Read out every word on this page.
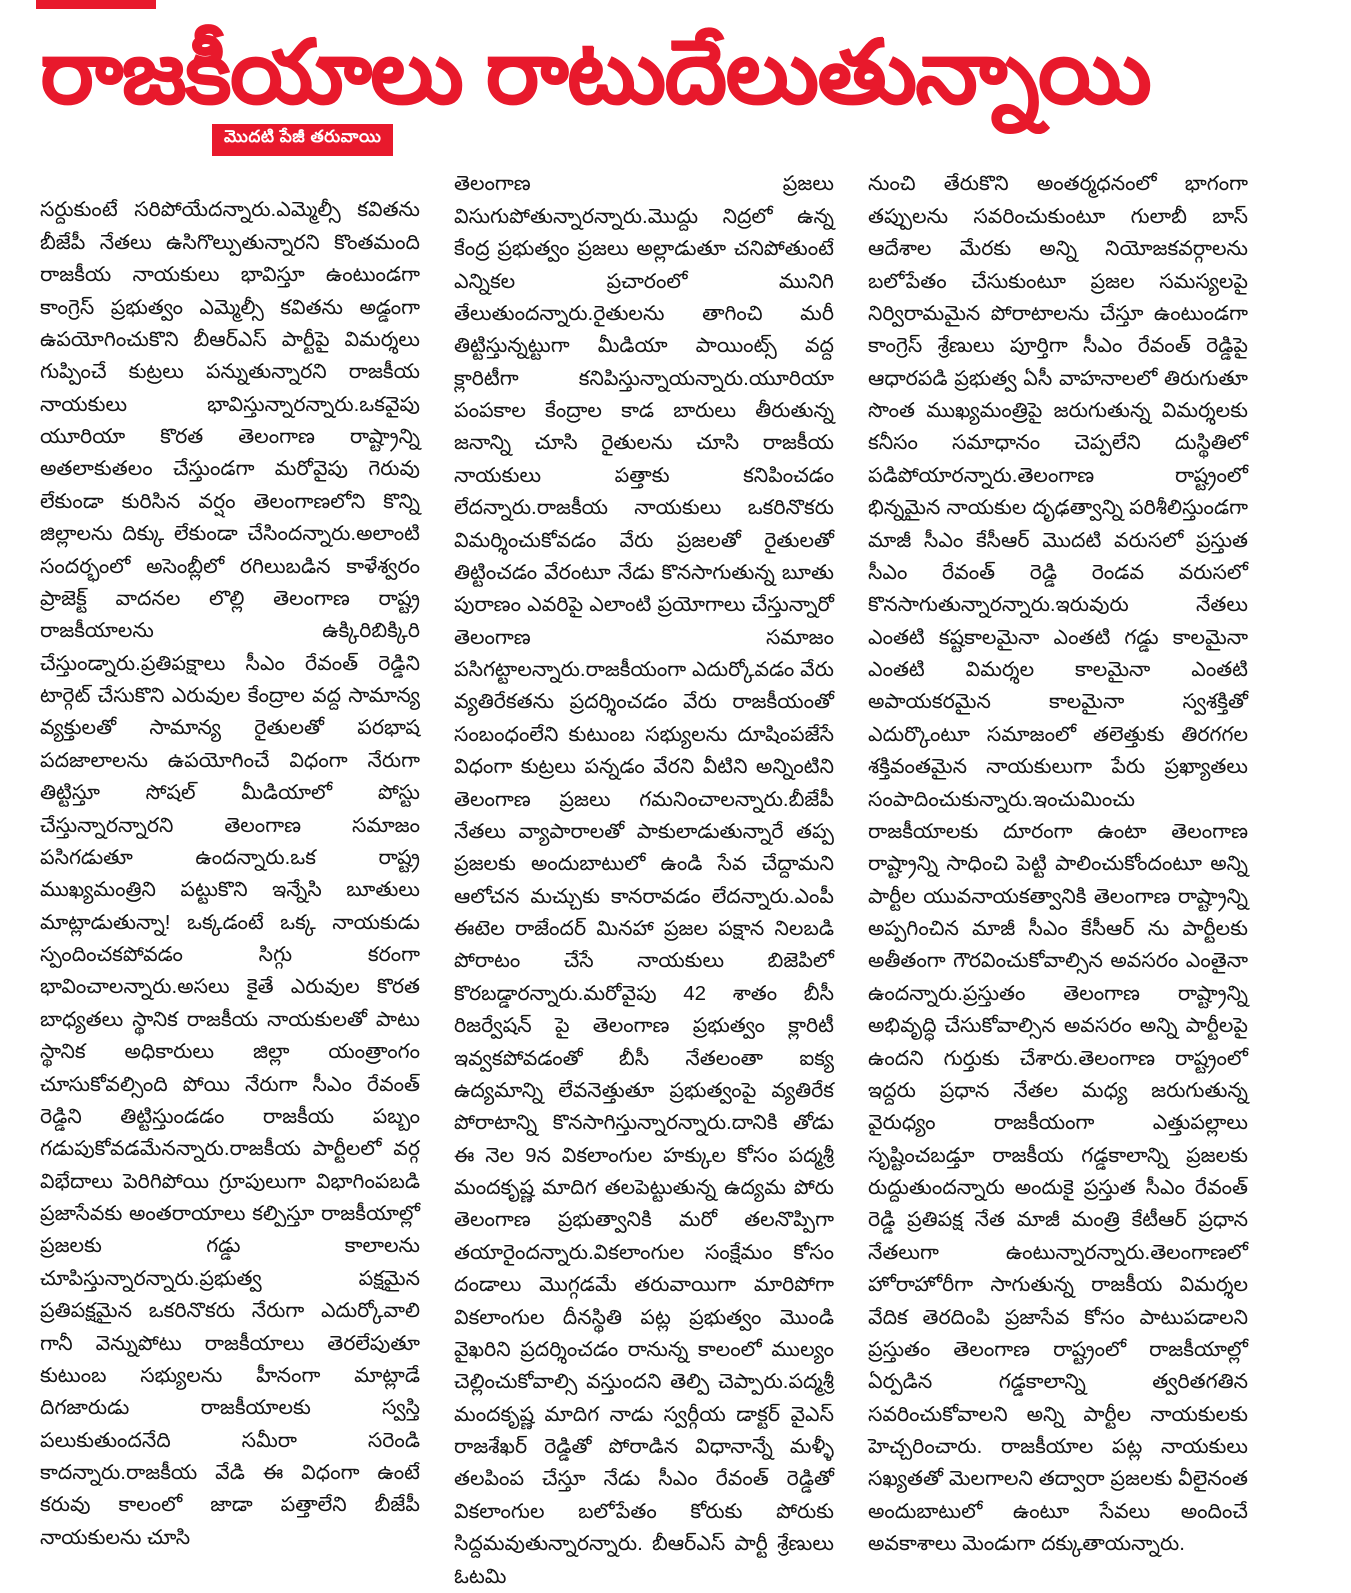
రాజకీయాలు రాటుదేలుతున్నాయి
మొదటి పేజీ తరువాయి

సర్దుకుంటే సరిపోయేదన్నారు.ఎమ్మెల్సీ కవితను బీజేపీ నేతలు ఉసిగొల్పుతున్నారని కొంతమంది రాజకీయ నాయకులు భావిస్తూ ఉంటుండగా కాంగ్రెస్ ప్రభుత్వం ఎమ్మెల్సీ కవితను అడ్డంగా ఉపయోగించుకొని బీఆర్ఎస్ పార్టీపై విమర్శలు గుప్పించే కుట్రలు పన్నుతున్నారని రాజకీయ నాయకులు భావిస్తున్నారన్నారు.ఒకవైపు యూరియా కొరత తెలంగాణ రాష్ట్రాన్ని అతలాకుతలం చేస్తుండగా మరోవైపు గెరువు లేకుండా కురిసిన వర్షం తెలంగాణలోని కొన్ని జిల్లాలను దిక్కు లేకుండా చేసిందన్నారు.అలాంటి సందర్భంలో అసెంబ్లీలో రగిలుబడిన కాళేశ్వరం ప్రాజెక్ట్ వాదనల లొల్లి తెలంగాణ రాష్ట్ర రాజకీయాలను ఉక్కిరిబిక్కిరి చేస్తుండ్నారు.ప్రతిపక్షాలు సీఎం రేవంత్ రెడ్డిని టార్గెట్ చేసుకొని ఎరువుల కేంద్రాల వద్ద సామాన్య వ్యక్తులతో సామాన్య రైతులతో పరభాష పదజాలాలను ఉపయోగించే విధంగా నేరుగా తిట్టిస్తూ సోషల్ మీడియాలో పోస్టు చేస్తున్నారన్నారని తెలంగాణ సమాజం పసిగడుతూ ఉందన్నారు.ఒక రాష్ట్ర ముఖ్యమంత్రిని పట్టుకొని ఇన్నేసి బూతులు మాట్లాడుతున్నా! ఒక్కడంటే ఒక్క నాయకుడు స్పందించకపోవడం సిగ్గు కరంగా భావించాలన్నారు.అసలు కైతే ఎరువుల కొరత బాధ్యతలు స్థానిక రాజకీయ నాయకులతో పాటు స్థానిక అధికారులు జిల్లా యంత్రాంగం చూసుకోవల్సింది పోయి నేరుగా సీఎం రేవంత్ రెడ్డిని తిట్టిస్తుండడం రాజకీయ పబ్బం గడుపుకోవడమేనన్నారు.రాజకీయ పార్టీలలో వర్గ విభేదాలు పెరిగిపోయి గ్రూపులుగా విభాగింపబడి ప్రజాసేవకు అంతరాయాలు కల్పిస్తూ రాజకీయాల్లో ప్రజలకు గడ్డు కాలాలను చూపిస్తున్నారన్నారు.ప్రభుత్వ పక్షమైన ప్రతిపక్షమైన ఒకరినొకరు నేరుగా ఎదుర్కోవాలి గానీ వెన్నుపోటు రాజకీయాలు తెరలేపుతూ కుటుంబ సభ్యులను హీనంగా మాట్లాడే దిగజారుడు రాజకీయాలకు స్వస్తి పలుకుతుందనేది సమీరా సరెండి కాదన్నారు.రాజకీయ వేడి ఈ విధంగా ఉంటే కరువు కాలంలో జాడా పత్తాలేని బీజేపీ నాయకులను చూసి

తెలంగాణ ప్రజలు విసుగుపోతున్నారన్నారు.మొద్దు నిద్రలో ఉన్న కేంద్ర ప్రభుత్వం ప్రజలు అల్లాడుతూ చనిపోతుంటే ఎన్నికల ప్రచారంలో మునిగి తేలుతుందన్నారు.రైతులను తాగించి మరీ తిట్టిస్తున్నట్టుగా మీడియా పాయింట్స్ వద్ద క్లారిటీగా కనిపిస్తున్నాయన్నారు.యూరియా పంపకాల కేంద్రాల కాడ బారులు తీరుతున్న జనాన్ని చూసి రైతులను చూసి రాజకీయ నాయకులు పత్తాకు కనిపించడం లేదన్నారు.రాజకీయ నాయకులు ఒకరినొకరు విమర్శించుకోవడం వేరు ప్రజలతో రైతులతో తిట్టించడం వేరంటూ నేడు కొనసాగుతున్న బూతు పురాణం ఎవరిపై ఎలాంటి ప్రయోగాలు చేస్తున్నారో తెలంగాణ సమాజం పసిగట్టాలన్నారు.రాజకీయంగా ఎదుర్కోవడం వేరు వ్యతిరేకతను ప్రదర్శించడం వేరు రాజకీయంతో సంబంధంలేని కుటుంబ సభ్యులను దూషింపజేసే విధంగా కుట్రలు పన్నడం వేరని వీటిని అన్నింటిని తెలంగాణ ప్రజలు గమనించాలన్నారు.బీజేపీ నేతలు వ్యాపారాలతో పాకులాడుతున్నారే తప్ప ప్రజలకు అందుబాటులో ఉండి సేవ చేద్దామని ఆలోచన మచ్చుకు కానరావడం లేదన్నారు.ఎంపీ ఈటెల రాజేందర్ మినహా ప్రజల పక్షాన నిలబడి పోరాటం చేసే నాయకులు బిజెపిలో కొరబడ్డారన్నారు.మరోవైపు 42 శాతం బీసీ రిజర్వేషన్ పై తెలంగాణ ప్రభుత్వం క్లారిటీ ఇవ్వకపోవడంతో బీసీ నేతలంతా ఐక్య ఉద్యమాన్ని లేవనెత్తుతూ ప్రభుత్వంపై వ్యతిరేక పోరాటాన్ని కొనసాగిస్తున్నారన్నారు.దానికి తోడు ఈ నెల 9న వికలాంగుల హక్కుల కోసం పద్మశ్రీ మందకృష్ణ మాదిగ తలపెట్టుతున్న ఉద్యమ పోరు తెలంగాణ ప్రభుత్వానికి మరో తలనొప్పిగా తయారైందన్నారు.వికలాంగుల సంక్షేమం కోసం దండాలు మొగ్గడమే తరువాయిగా మారిపోగా వికలాంగుల దీనస్థితి పట్ల ప్రభుత్వం మొండి వైఖరిని ప్రదర్శించడం రానున్న కాలంలో ముల్యం చెల్లించుకోవాల్సి వస్తుందని తెల్పి చెప్పారు.పద్మశ్రీ మందకృష్ణ మాదిగ నాడు స్వర్గీయ డాక్టర్ వైఎస్ రాజశేఖర్ రెడ్డితో పోరాడిన విధానాన్నే మళ్ళీ తలపింప చేస్తూ నేడు సీఎం రేవంత్ రెడ్డితో వికలాంగుల బలోపేతం కోరుకు పోరుకు సిద్దమవుతున్నారన్నారు. బీఆర్ఎస్ పార్టీ శ్రేణులు ఓటమి

నుంచి తేరుకొని అంతర్మధనంలో భాగంగా తప్పులను సవరించుకుంటూ గులాబీ బాస్ ఆదేశాల మేరకు అన్ని నియోజకవర్గాలను బలోపేతం చేసుకుంటూ ప్రజల సమస్యలపై నిర్విరామమైన పోరాటాలను చేస్తూ ఉంటుండగా కాంగ్రెస్ శ్రేణులు పూర్తిగా సీఎం రేవంత్ రెడ్డిపై ఆధారపడి ప్రభుత్వ ఏసీ వాహనాలలో తిరుగుతూ సొంత ముఖ్యమంత్రిపై జరుగుతున్న విమర్శలకు కనీసం సమాధానం చెప్పలేని దుస్థితిలో పడిపోయారన్నారు.తెలంగాణ రాష్ట్రంలో భిన్నమైన నాయకుల దృఢత్వాన్ని పరిశీలిస్తుండగా మాజీ సీఎం కేసీఆర్ మొదటి వరుసలో ప్రస్తుత సీఎం రేవంత్ రెడ్డి రెండవ వరుసలో కొనసాగుతున్నారన్నారు.ఇరువురు నేతలు ఎంతటి కష్టకాలమైనా ఎంతటి గడ్డు కాలమైనా ఎంతటి విమర్శల కాలమైనా ఎంతటి అపాయకరమైన కాలమైనా స్వశక్తితో ఎదుర్కొంటూ సమాజంలో తలెత్తుకు తిరగగల శక్తివంతమైన నాయకులుగా పేరు ప్రఖ్యాతలు సంపాదించుకున్నారు.ఇంచుమించు రాజకీయాలకు దూరంగా ఉంటా తెలంగాణ రాష్ట్రాన్ని సాధించి పెట్టి పాలించుకోందంటూ అన్ని పార్టీల యువనాయకత్వానికి తెలంగాణ రాష్ట్రాన్ని అప్పగించిన మాజీ సీఎం కేసీఆర్ ను పార్టీలకు అతీతంగా గౌరవించుకోవాల్సిన అవసరం ఎంతైనా ఉందన్నారు.ప్రస్తుతం తెలంగాణ రాష్ట్రాన్ని అభివృద్ధి చేసుకోవాల్సిన అవసరం అన్ని పార్టీలపై ఉందని గుర్తుకు చేశారు.తెలంగాణ రాష్ట్రంలో ఇద్దరు ప్రధాన నేతల మధ్య జరుగుతున్న వైరుధ్యం రాజకీయంగా ఎత్తుపల్లాలు సృష్టించబడ్తూ రాజకీయ గడ్డకాలాన్ని ప్రజలకు రుద్దుతుందన్నారు అందుకై ప్రస్తుత సీఎం రేవంత్ రెడ్డి ప్రతిపక్ష నేత మాజీ మంత్రి కేటీఆర్ ప్రధాన నేతలుగా ఉంటున్నారన్నారు.తెలంగాణలో హోరాహోరీగా సాగుతున్న రాజకీయ విమర్శల వేదిక తెరదింపి ప్రజాసేవ కోసం పాటుపడాలని ప్రస్తుతం తెలంగాణ రాష్ట్రంలో రాజకీయాల్లో ఏర్పడిన గడ్డకాలాన్ని త్వరితగతిన సవరించుకోవాలని అన్ని పార్టీల నాయకులకు హెచ్చరించారు. రాజకీయాల పట్ల నాయకులు సఖ్యతతో మెలగాలని తద్వారా ప్రజలకు వీలైనంత అందుబాటులో ఉంటూ సేవలు అందించే అవకాశాలు మెండుగా దక్కుతాయన్నారు.
